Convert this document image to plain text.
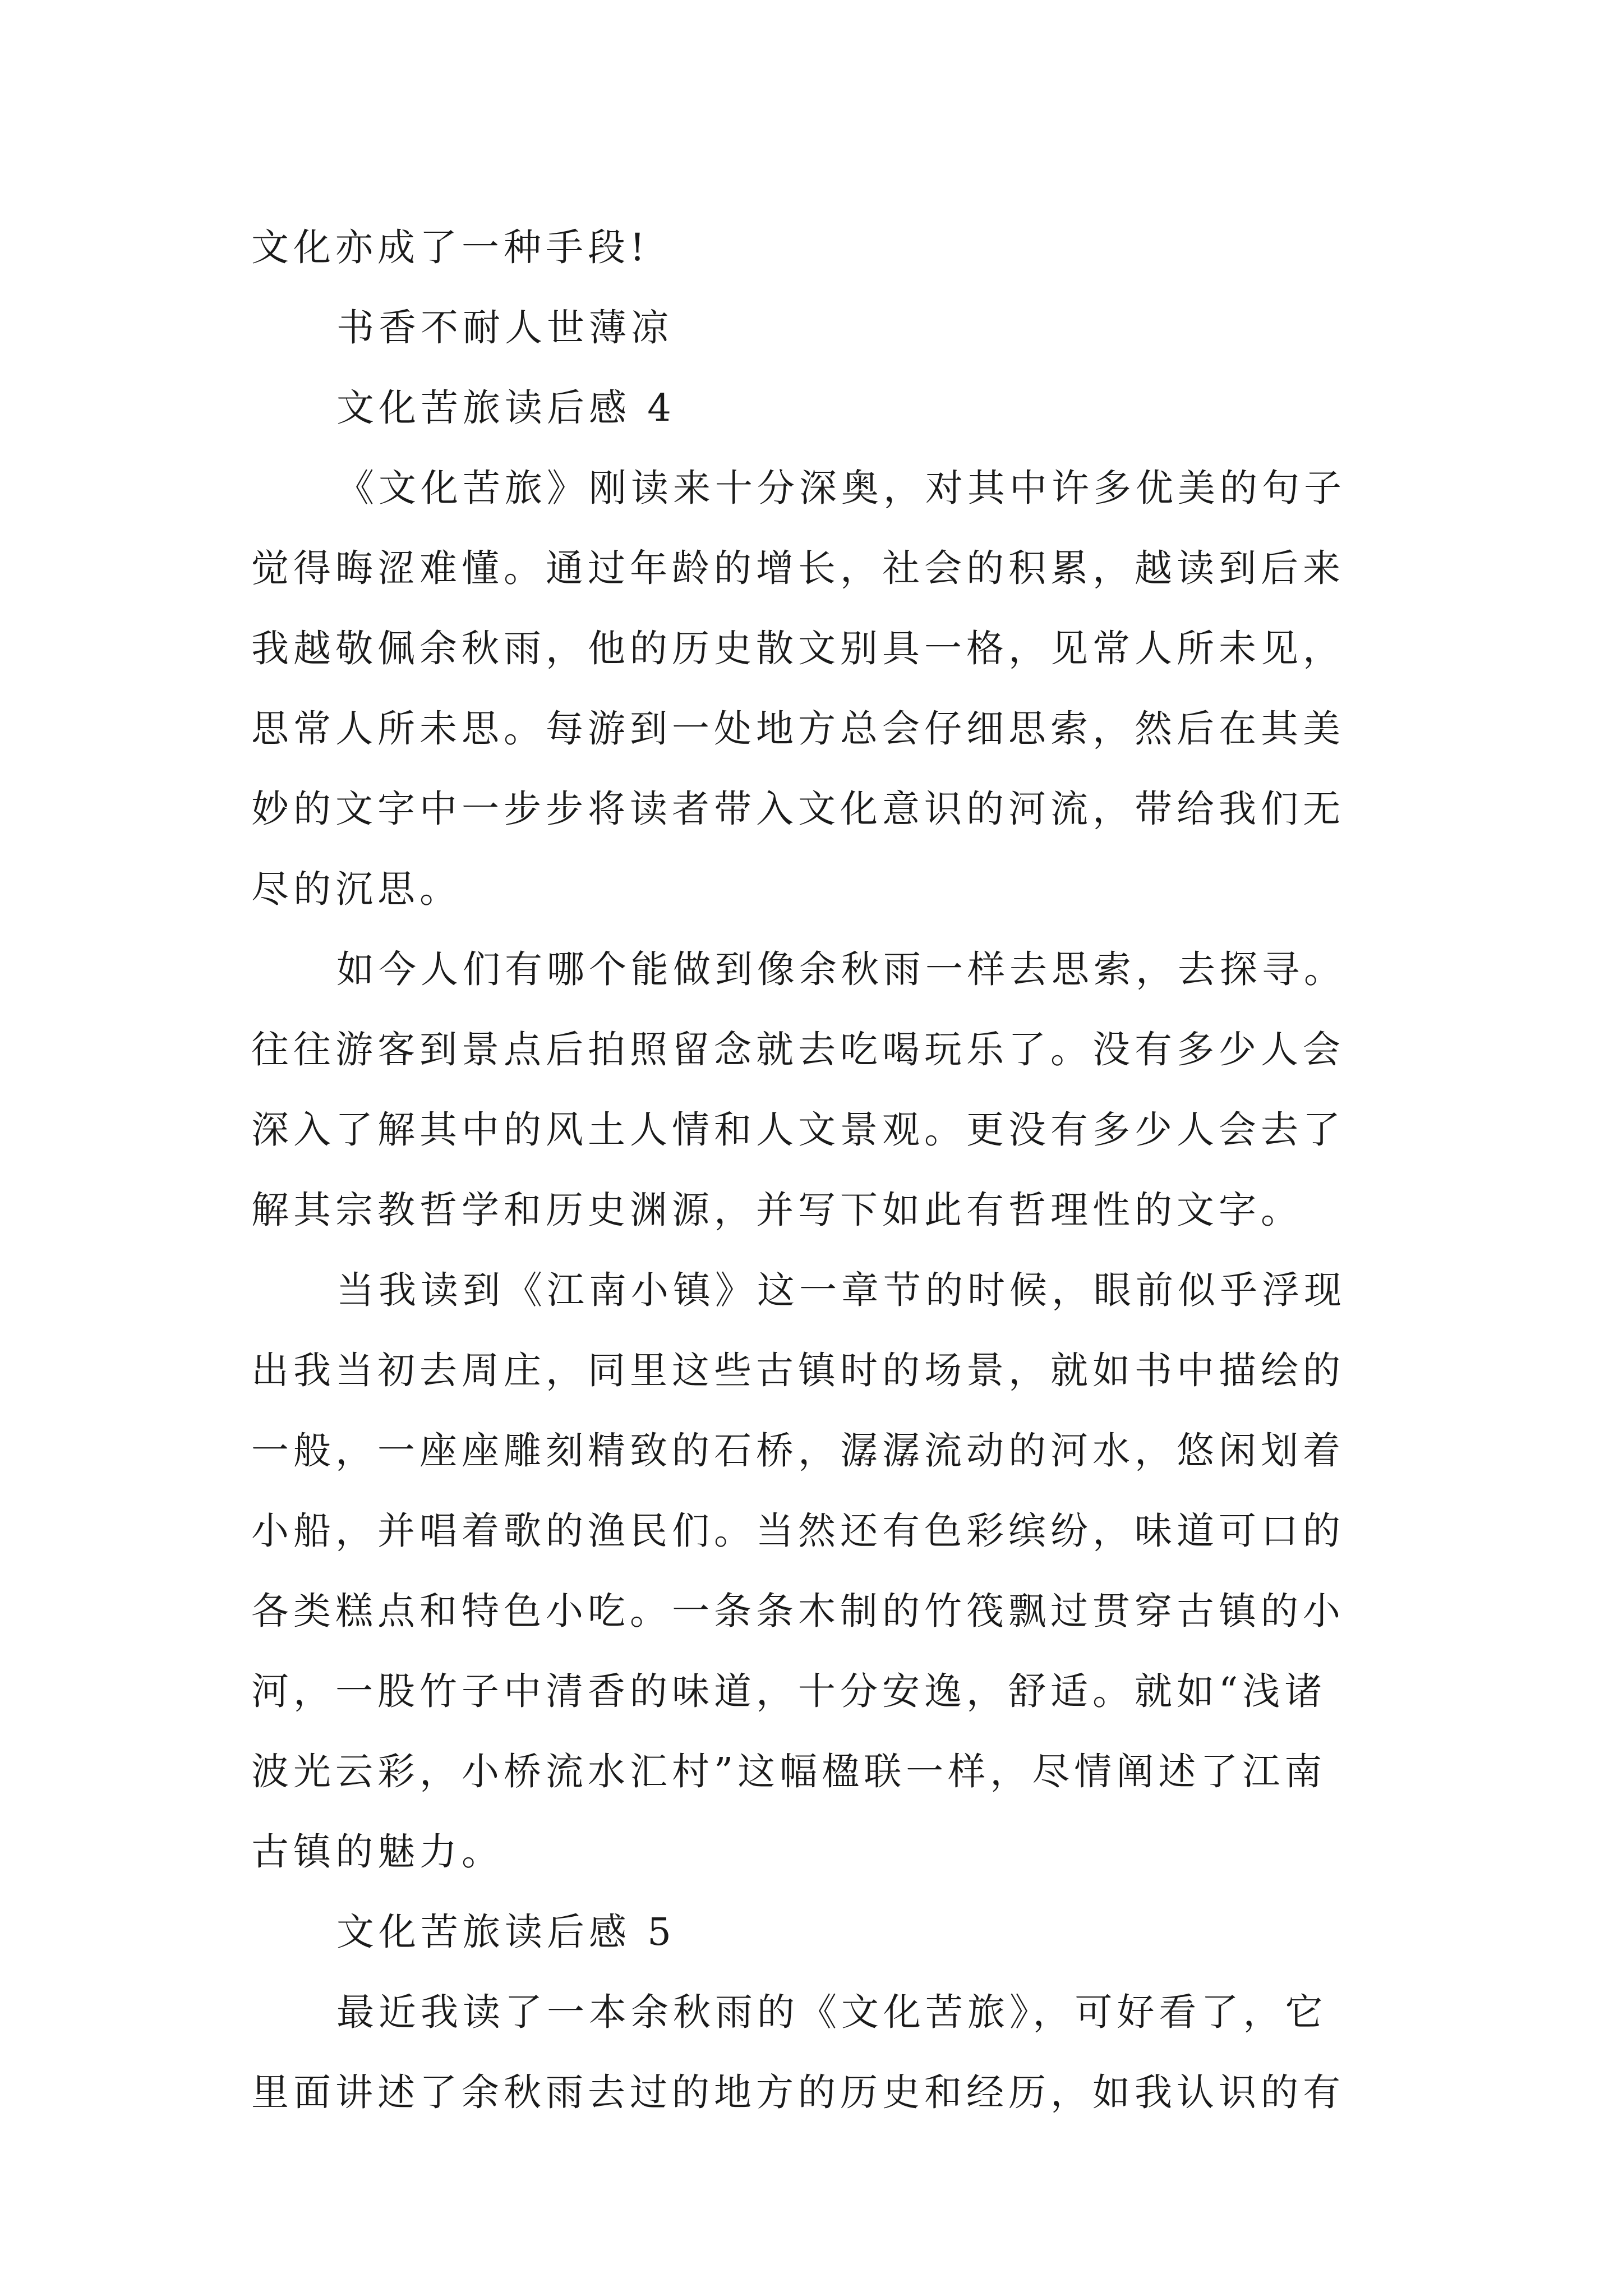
文化亦成了一种手段!
书香不耐人世薄凉
文化苦旅读后感 4
《文化苦旅》刚读来十分深奥，对其中许多优美的句子
觉得晦涩难懂。通过年龄的增长，社会的积累，越读到后来
我越敬佩余秋雨，他的历史散文别具一格，见常人所未见，
思常人所未思。每游到一处地方总会仔细思索，然后在其美
妙的文字中一步步将读者带入文化意识的河流，带给我们无
尽的沉思。
如今人们有哪个能做到像余秋雨一样去思索，去探寻。
往往游客到景点后拍照留念就去吃喝玩乐了。没有多少人会
深入了解其中的风土人情和人文景观。更没有多少人会去了
解其宗教哲学和历史渊源，并写下如此有哲理性的文字。
当我读到《江南小镇》这一章节的时候，眼前似乎浮现
出我当初去周庄，同里这些古镇时的场景，就如书中描绘的
一般，一座座雕刻精致的石桥，潺潺流动的河水，悠闲划着
小船，并唱着歌的渔民们。当然还有色彩缤纷，味道可口的
各类糕点和特色小吃。一条条木制的竹筏飘过贯穿古镇的小
河，一股竹子中清香的味道，十分安逸，舒适。就如“浅诸
波光云彩，小桥流水汇村”这幅楹联一样，尽情阐述了江南
古镇的魅力。
文化苦旅读后感 5
最近我读了一本余秋雨的《文化苦旅》，可好看了，它
里面讲述了余秋雨去过的地方的历史和经历，如我认识的有
